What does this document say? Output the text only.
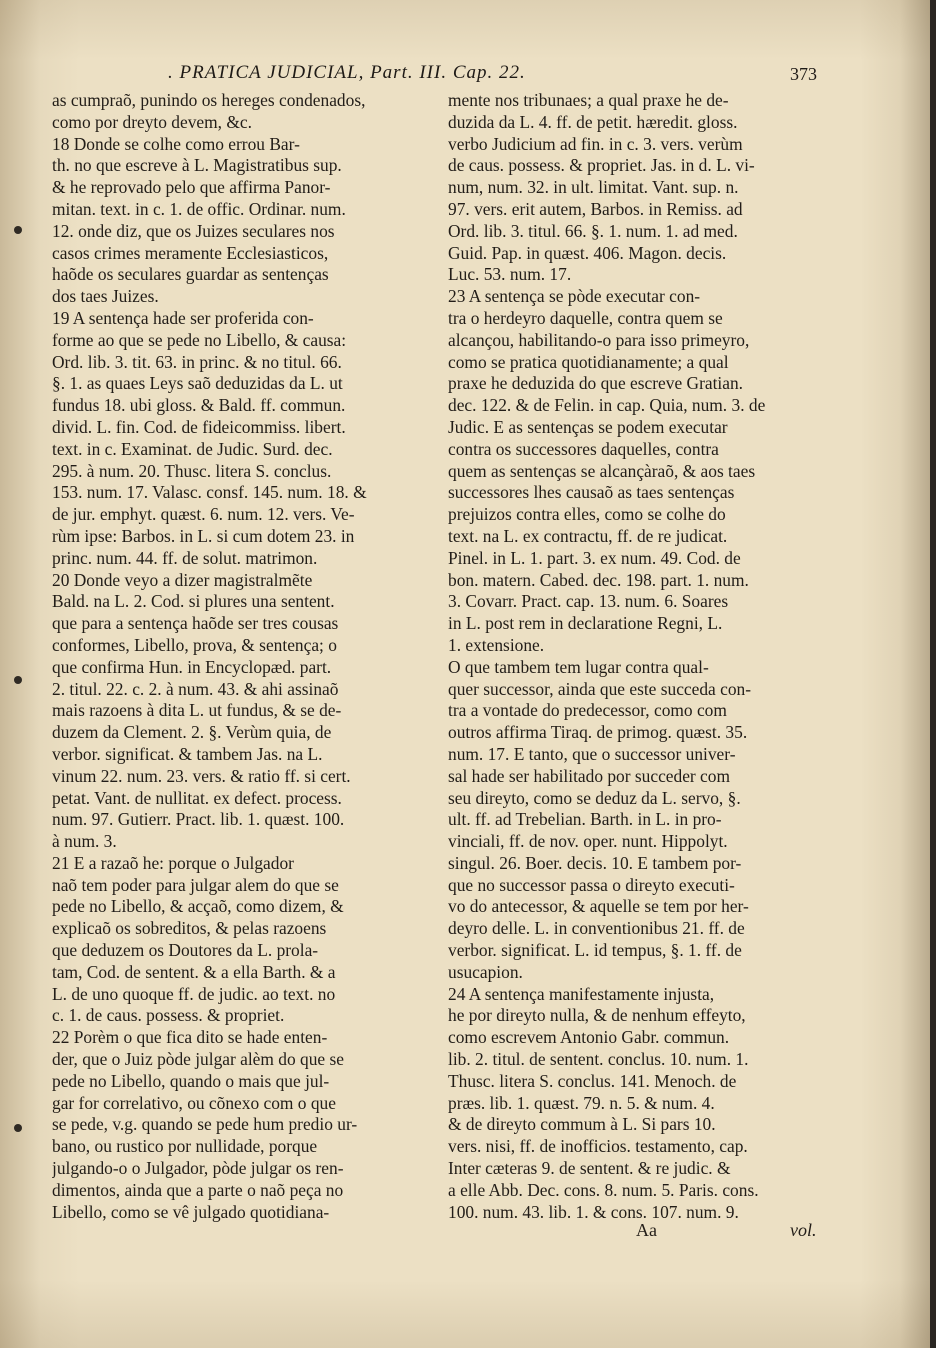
. PRATICA JUDICIAL, Part. III. Cap. 22.	373
as cumpraõ, punindo os hereges condenados,
como por dreyto devem, &c.
18 Donde se colhe como errou Bar-
th. no que escreve à L. Magistratibus sup.
& he reprovado pelo que affirma Panor-
mitan. text. in c. 1. de offic. Ordinar. num.
12. onde diz, que os Juizes seculares nos
casos crimes meramente Ecclesiasticos,
haõde os seculares guardar as sentenças
dos taes Juizes.
19 A sentença hade ser proferida con-
forme ao que se pede no Libello, & causa:
Ord. lib. 3. tit. 63. in princ. & no titul. 66.
§. 1. as quaes Leys saõ deduzidas da L. ut
fundus 18. ubi gloss. & Bald. ff. commun.
divid. L. fin. Cod. de fideicommiss. libert.
text. in c. Examinat. de Judic. Surd. dec.
295. à num. 20. Thusc. litera S. conclus.
153. num. 17. Valasc. consf. 145. num. 18. &
de jur. emphyt. quæst. 6. num. 12. vers. Ve-
rùm ipse: Barbos. in L. si cum dotem 23. in
princ. num. 44. ff. de solut. matrimon.
20 Donde veyo a dizer magistralmẽte
Bald. na L. 2. Cod. si plures una sentent.
que para a sentença haõde ser tres cousas
conformes, Libello, prova, & sentença; o
que confirma Hun. in Encyclopæd. part.
2. titul. 22. c. 2. à num. 43. & ahi assinaõ
mais razoens à dita L. ut fundus, & se de-
duzem da Clement. 2. §. Verùm quia, de
verbor. significat. & tambem Jas. na L.
vinum 22. num. 23. vers. & ratio ff. si cert.
petat. Vant. de nullitat. ex defect. process.
num. 97. Gutierr. Pract. lib. 1. quæst. 100.
à num. 3.
21 E a razaõ he: porque o Julgador
naõ tem poder para julgar alem do que se
pede no Libello, & acçaõ, como dizem, &
explicaõ os sobreditos, & pelas razoens
que deduzem os Doutores da L. prola-
tam, Cod. de sentent. & a ella Barth. & a
L. de uno quoque ff. de judic. ao text. no
c. 1. de caus. possess. & propriet.
22 Porèm o que fica dito se hade enten-
der, que o Juiz pòde julgar alèm do que se
pede no Libello, quando o mais que jul-
gar for correlativo, ou cõnexo com o que
se pede, v.g. quando se pede hum predio ur-
bano, ou rustico por nullidade, porque
julgando-o o Julgador, pòde julgar os ren-
dimentos, ainda que a parte o naõ peça no
Libello, como se vê julgado quotidiana-
mente nos tribunaes; a qual praxe he de-
duzida da L. 4. ff. de petit. hæredit. gloss.
verbo Judicium ad fin. in c. 3. vers. verùm
de caus. possess. & propriet. Jas. in d. L. vi-
num, num. 32. in ult. limitat. Vant. sup. n.
97. vers. erit autem, Barbos. in Remiss. ad
Ord. lib. 3. titul. 66. §. 1. num. 1. ad med.
Guid. Pap. in quæst. 406. Magon. decis.
Luc. 53. num. 17.
23 A sentença se pòde executar con-
tra o herdeyro daquelle, contra quem se
alcançou, habilitando-o para isso primeyro,
como se pratica quotidianamente; a qual
praxe he deduzida do que escreve Gratian.
dec. 122. & de Felin. in cap. Quia, num. 3. de
Judic. E as sentenças se podem executar
contra os successores daquelles, contra
quem as sentenças se alcançàraõ, & aos taes
successores lhes causaõ as taes sentenças
prejuizos contra elles, como se colhe do
text. na L. ex contractu, ff. de re judicat.
Pinel. in L. 1. part. 3. ex num. 49. Cod. de
bon. matern. Cabed. dec. 198. part. 1. num.
3. Covarr. Pract. cap. 13. num. 6. Soares
in L. post rem in declaratione Regni, L.
1. extensione.
O que tambem tem lugar contra qual-
quer successor, ainda que este succeda con-
tra a vontade do predecessor, como com
outros affirma Tiraq. de primog. quæst. 35.
num. 17. E tanto, que o successor univer-
sal hade ser habilitado por succeder com
seu direyto, como se deduz da L. servo, §.
ult. ff. ad Trebelian. Barth. in L. in pro-
vinciali, ff. de nov. oper. nunt. Hippolyt.
singul. 26. Boer. decis. 10. E tambem por-
que no successor passa o direyto executi-
vo do antecessor, & aquelle se tem por her-
deyro delle. L. in conventionibus 21. ff. de
verbor. significat. L. id tempus, §. 1. ff. de
usucapion.
24 A sentença manifestamente injusta,
he por direyto nulla, & de nenhum effeyto,
como escrevem Antonio Gabr. commun.
lib. 2. titul. de sentent. conclus. 10. num. 1.
Thusc. litera S. conclus. 141. Menoch. de
præs. lib. 1. quæst. 79. n. 5. & num. 4.
& de direyto commum à L. Si pars 10.
vers. nisi, ff. de inofficios. testamento, cap.
Inter cæteras 9. de sentent. & re judic. &
a elle Abb. Dec. cons. 8. num. 5. Paris. cons.
100. num. 43. lib. 1. & cons. 107. num. 9.
Aa	vol.
